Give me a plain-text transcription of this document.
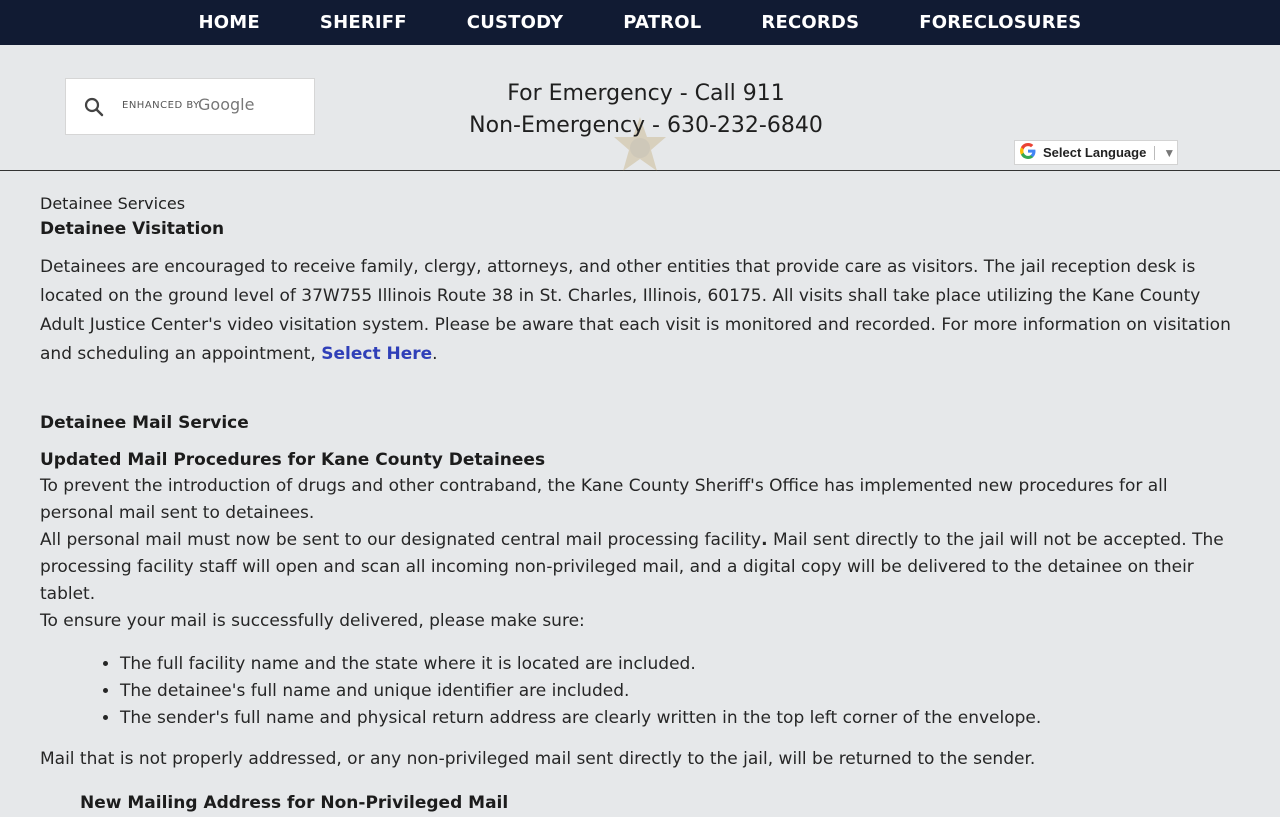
HOME	SHERIFF	CUSTODY	PATROL	RECORDS	FORECLOSURES
ENHANCED BY
Google	For Emergency - Call 911
Non-Emergency - 630-232-6840
Select Language ▼
Detainee Services
Detainee Visitation

Detainees are encouraged to receive family, clergy, attorneys, and other entities that provide care as visitors. The jail reception desk is located on the ground level of 37W755 Illinois Route 38 in St. Charles, Illinois, 60175. All visits shall take place utilizing the Kane County Adult Justice Center's video visitation system. Please be aware that each visit is monitored and recorded. For more information on visitation and scheduling an appointment, Select Here.

Detainee Mail Service
Updated Mail Procedures for Kane County Detainees

To prevent the introduction of drugs and other contraband, the Kane County Sheriff's Office has implemented new procedures for all personal mail sent to detainees.

All personal mail must now be sent to our designated central mail processing facility. Mail sent directly to the jail will not be accepted. The processing facility staff will open and scan all incoming non-privileged mail, and a digital copy will be delivered to the detainee on their tablet.

To ensure your mail is successfully delivered, please make sure:

• The full facility name and the state where it is located are included.
• The detainee's full name and unique identifier are included.
• The sender's full name and physical return address are clearly written in the top left corner of the envelope.

Mail that is not properly addressed, or any non-privileged mail sent directly to the jail, will be returned to the sender.

New Mailing Address for Non-Privileged Mail
